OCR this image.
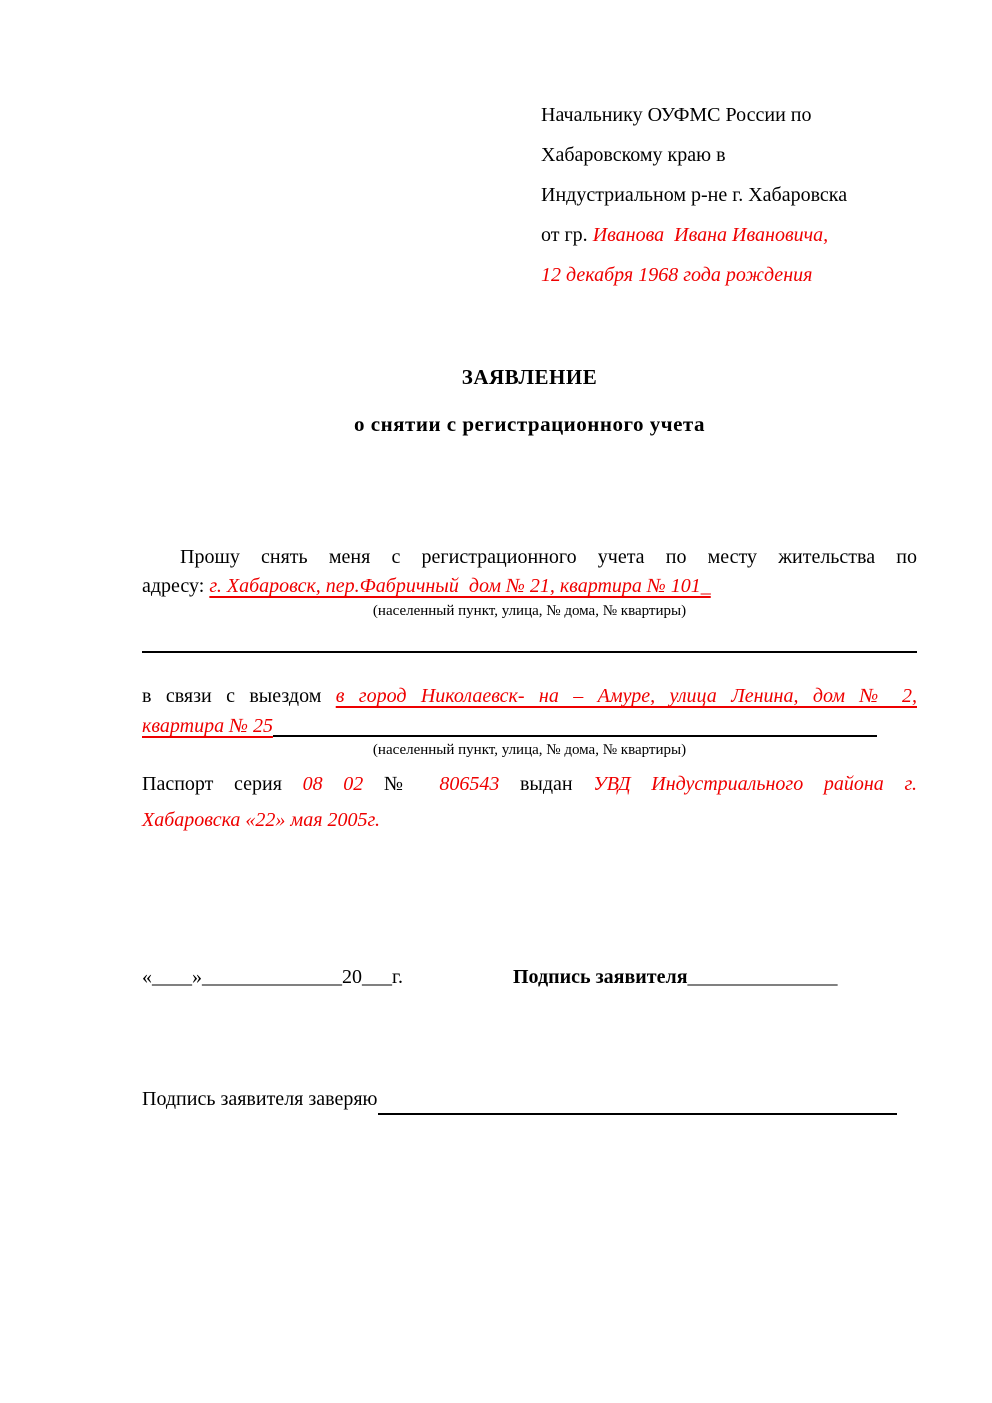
Начальнику ОУФМС России по
Хабаровскому краю в
Индустриальном р-не г. Хабаровска
от гр. Иванова  Ивана Ивановича,
12 декабря 1968 года рождения
ЗАЯВЛЕНИЕ
о снятии с регистрационного учета
Прошу снять меня с регистрационного учета по месту жительства по
адресу: г. Хабаровск, пер.Фабричный  дом № 21, квартира № 101_
(населенный пункт, улица, № дома, № квартиры)
в связи с выездом в город Николаевск- на – Амуре, улица Ленина, дом № 2,
квартира № 25
(населенный пункт, улица, № дома, № квартиры)
Паспорт серия 08 02 № 806543 выдан УВД Индустриального района г.
Хабаровска «22» мая 2005г.
«____»______________20___г.	Подпись заявителя_______________
Подпись заявителя заверяю
